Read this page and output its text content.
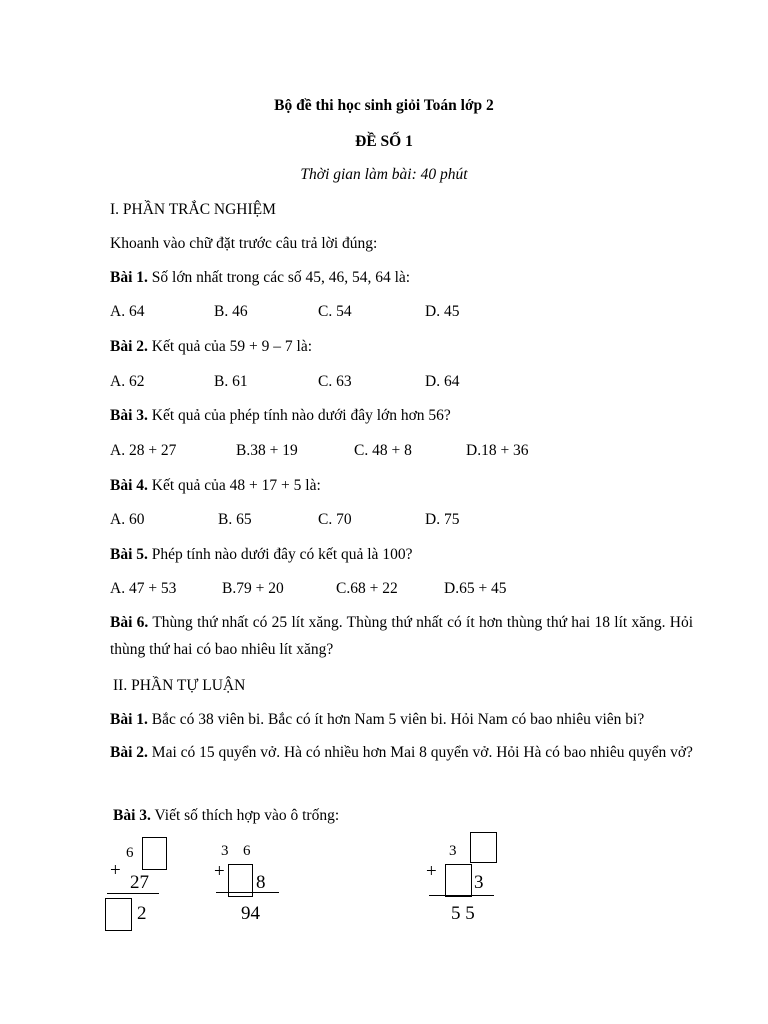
Bộ đề thi học sinh giỏi Toán lớp 2
ĐỀ SỐ 1
Thời gian làm bài: 40 phút
I. PHẦN TRẮC NGHIỆM
Khoanh vào chữ đặt trước câu trả lời đúng:
Bài 1. Số lớn nhất trong các số 45, 46, 54, 64 là:
A. 64	B. 46	C. 54	D. 45
Bài 2. Kết quả của 59 + 9 – 7 là:
A. 62	B. 61	C. 63	D. 64
Bài 3. Kết quả của phép tính nào dưới đây lớn hơn 56?
A. 28 + 27	B.38 + 19	C. 48 + 8	D.18 + 36
Bài 4. Kết quả của 48 + 17 + 5 là:
A. 60	B. 65	C. 70	D. 75
Bài 5. Phép tính nào dưới đây có kết quả là 100?
A. 47 + 53	B.79 + 20	C.68 + 22	D.65 + 45
Bài 6. Thùng thứ nhất có 25 lít xăng. Thùng thứ nhất có ít hơn thùng thứ hai 18 lít xăng. Hỏi thùng thứ hai có bao nhiêu lít xăng?
II. PHẦN TỰ LUẬN
Bài 1. Bắc có 38 viên bi. Bắc có ít hơn Nam 5 viên bi. Hỏi Nam có bao nhiêu viên bi?
Bài 2. Mai có 15 quyển vở. Hà có nhiều hơn Mai 8 quyển vở. Hỏi Hà có bao nhiêu quyển vở?
Bài 3. Viết số thích hợp vào ô trống:
6
+
27
2
3 6
+
8
94
3
+
3
5 5
